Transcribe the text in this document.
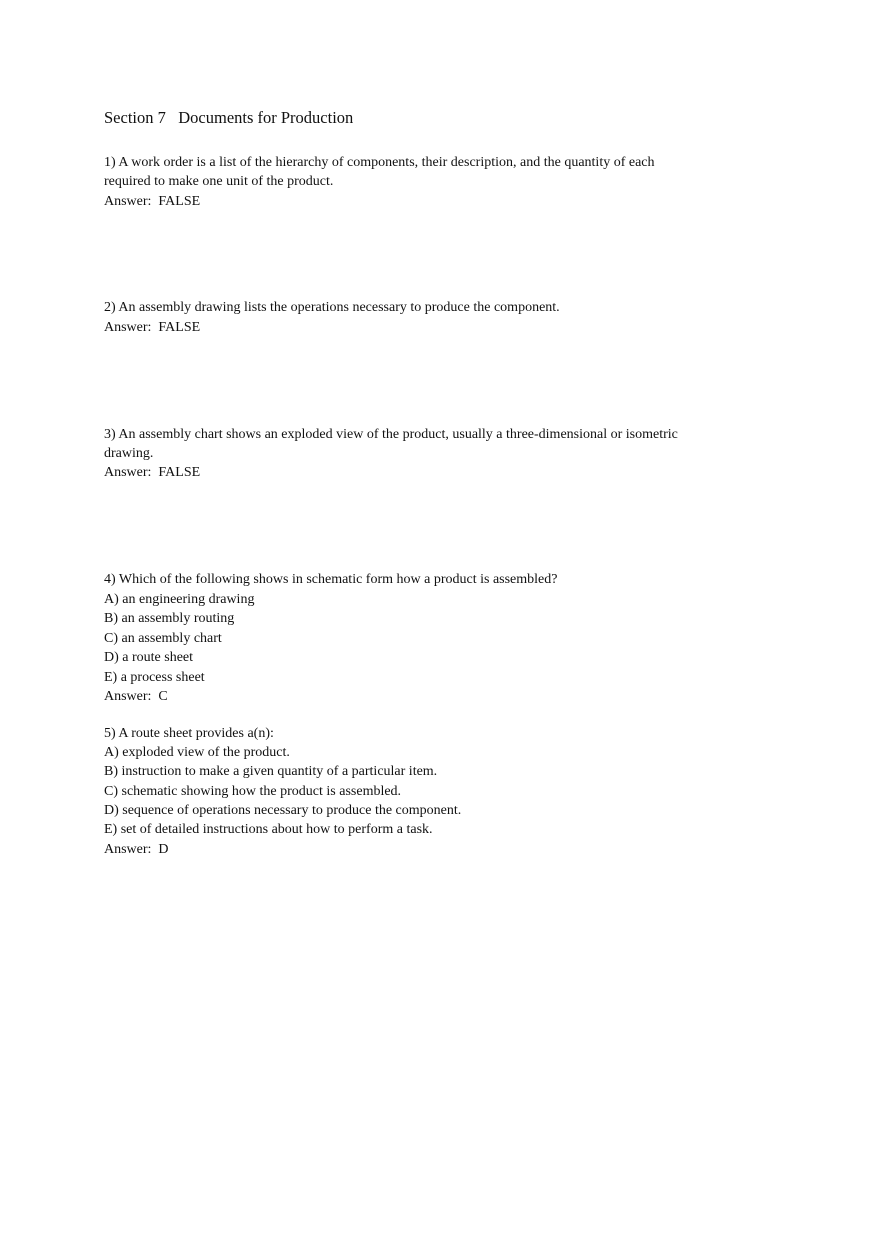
Section 7   Documents for Production
1) A work order is a list of the hierarchy of components, their description, and the quantity of each
required to make one unit of the product.
Answer:  FALSE
2) An assembly drawing lists the operations necessary to produce the component.
Answer:  FALSE
3) An assembly chart shows an exploded view of the product, usually a three-dimensional or isometric
drawing.
Answer:  FALSE
4) Which of the following shows in schematic form how a product is assembled?
A) an engineering drawing
B) an assembly routing
C) an assembly chart
D) a route sheet
E) a process sheet
Answer:  C
5) A route sheet provides a(n):
A) exploded view of the product.
B) instruction to make a given quantity of a particular item.
C) schematic showing how the product is assembled.
D) sequence of operations necessary to produce the component.
E) set of detailed instructions about how to perform a task.
Answer:  D
